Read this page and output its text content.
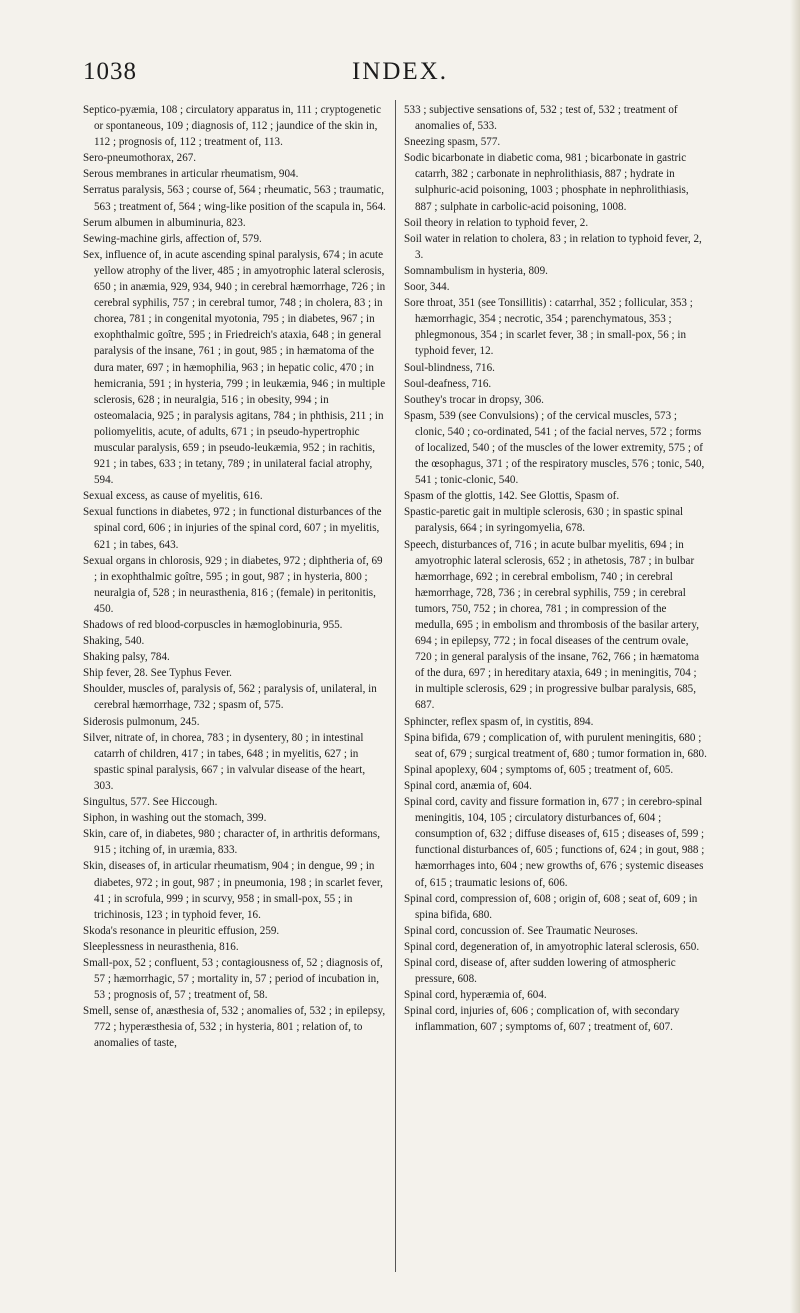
1038	INDEX.

Septico-pyæmia, 108 ; circulatory apparatus in, 111 ; cryptogenetic or spontaneous, 109 ; diagnosis of, 112 ; jaundice of the skin in, 112 ; prognosis of, 112 ; treatment of, 113.

Sero-pneumothorax, 267.

Serous membranes in articular rheumatism, 904.

Serratus paralysis, 563 ; course of, 564 ; rheumatic, 563 ; traumatic, 563 ; treatment of, 564 ; wing-like position of the scapula in, 564.

Serum albumen in albuminuria, 823.

Sewing-machine girls, affection of, 579.

Sex, influence of, in acute ascending spinal paralysis, 674 ; in acute yellow atrophy of the liver, 485 ; in amyotrophic lateral sclerosis, 650 ; in anæmia, 929, 934, 940 ; in cerebral hæmorrhage, 726 ; in cerebral syphilis, 757 ; in cerebral tumor, 748 ; in cholera, 83 ; in chorea, 781 ; in congenital myotonia, 795 ; in diabetes, 967 ; in exophthalmic goître, 595 ; in Friedreich's ataxia, 648 ; in general paralysis of the insane, 761 ; in gout, 985 ; in hæmatoma of the dura mater, 697 ; in hæmophilia, 963 ; in hepatic colic, 470 ; in hemicrania, 591 ; in hysteria, 799 ; in leukæmia, 946 ; in multiple sclerosis, 628 ; in neuralgia, 516 ; in obesity, 994 ; in osteomalacia, 925 ; in paralysis agitans, 784 ; in phthisis, 211 ; in poliomyelitis, acute, of adults, 671 ; in pseudo-hypertrophic muscular paralysis, 659 ; in pseudo-leukæmia, 952 ; in rachitis, 921 ; in tabes, 633 ; in tetany, 789 ; in unilateral facial atrophy, 594.

Sexual excess, as cause of myelitis, 616.

Sexual functions in diabetes, 972 ; in functional disturbances of the spinal cord, 606 ; in injuries of the spinal cord, 607 ; in myelitis, 621 ; in tabes, 643.

Sexual organs in chlorosis, 929 ; in diabetes, 972 ; diphtheria of, 69 ; in exophthalmic goître, 595 ; in gout, 987 ; in hysteria, 800 ; neuralgia of, 528 ; in neurasthenia, 816 ; (female) in peritonitis, 450.

Shadows of red blood-corpuscles in hæmoglobinuria, 955.

Shaking, 540.

Shaking palsy, 784.

Ship fever, 28. See Typhus Fever.

Shoulder, muscles of, paralysis of, 562 ; paralysis of, unilateral, in cerebral hæmorrhage, 732 ; spasm of, 575.

Siderosis pulmonum, 245.

Silver, nitrate of, in chorea, 783 ; in dysentery, 80 ; in intestinal catarrh of children, 417 ; in tabes, 648 ; in myelitis, 627 ; in spastic spinal paralysis, 667 ; in valvular disease of the heart, 303.

Singultus, 577. See Hiccough.

Siphon, in washing out the stomach, 399.

Skin, care of, in diabetes, 980 ; character of, in arthritis deformans, 915 ; itching of, in uræmia, 833.

Skin, diseases of, in articular rheumatism, 904 ; in dengue, 99 ; in diabetes, 972 ; in gout, 987 ; in pneumonia, 198 ; in scarlet fever, 41 ; in scrofula, 999 ; in scurvy, 958 ; in small-pox, 55 ; in trichinosis, 123 ; in typhoid fever, 16.

Skoda's resonance in pleuritic effusion, 259.

Sleeplessness in neurasthenia, 816.

Small-pox, 52 ; confluent, 53 ; contagiousness of, 52 ; diagnosis of, 57 ; hæmorrhagic, 57 ; mortality in, 57 ; period of incubation in, 53 ; prognosis of, 57 ; treatment of, 58.

Smell, sense of, anæsthesia of, 532 ; anomalies of, 532 ; in epilepsy, 772 ; hyperæsthesia of, 532 ; in hysteria, 801 ; relation of, to anomalies of taste,

533 ; subjective sensations of, 532 ; test of, 532 ; treatment of anomalies of, 533.

Sneezing spasm, 577.

Sodic bicarbonate in diabetic coma, 981 ; bicarbonate in gastric catarrh, 382 ; carbonate in nephrolithiasis, 887 ; hydrate in sulphuric-acid poisoning, 1003 ; phosphate in nephrolithiasis, 887 ; sulphate in carbolic-acid poisoning, 1008.

Soil theory in relation to typhoid fever, 2.

Soil water in relation to cholera, 83 ; in relation to typhoid fever, 2, 3.

Somnambulism in hysteria, 809.

Soor, 344.

Sore throat, 351 (see Tonsillitis) : catarrhal, 352 ; follicular, 353 ; hæmorrhagic, 354 ; necrotic, 354 ; parenchymatous, 353 ; phlegmonous, 354 ; in scarlet fever, 38 ; in small-pox, 56 ; in typhoid fever, 12.

Soul-blindness, 716.

Soul-deafness, 716.

Southey's trocar in dropsy, 306.

Spasm, 539 (see Convulsions) ; of the cervical muscles, 573 ; clonic, 540 ; co-ordinated, 541 ; of the facial nerves, 572 ; forms of localized, 540 ; of the muscles of the lower extremity, 575 ; of the œsophagus, 371 ; of the respiratory muscles, 576 ; tonic, 540, 541 ; tonic-clonic, 540.

Spasm of the glottis, 142. See Glottis, Spasm of.

Spastic-paretic gait in multiple sclerosis, 630 ; in spastic spinal paralysis, 664 ; in syringomyelia, 678.

Speech, disturbances of, 716 ; in acute bulbar myelitis, 694 ; in amyotrophic lateral sclerosis, 652 ; in athetosis, 787 ; in bulbar hæmorrhage, 692 ; in cerebral embolism, 740 ; in cerebral hæmorrhage, 728, 736 ; in cerebral syphilis, 759 ; in cerebral tumors, 750, 752 ; in chorea, 781 ; in compression of the medulla, 695 ; in embolism and thrombosis of the basilar artery, 694 ; in epilepsy, 772 ; in focal diseases of the centrum ovale, 720 ; in general paralysis of the insane, 762, 766 ; in hæmatoma of the dura, 697 ; in hereditary ataxia, 649 ; in meningitis, 704 ; in multiple sclerosis, 629 ; in progressive bulbar paralysis, 685, 687.

Sphincter, reflex spasm of, in cystitis, 894.

Spina bifida, 679 ; complication of, with purulent meningitis, 680 ; seat of, 679 ; surgical treatment of, 680 ; tumor formation in, 680.

Spinal apoplexy, 604 ; symptoms of, 605 ; treatment of, 605.

Spinal cord, anæmia of, 604.

Spinal cord, cavity and fissure formation in, 677 ; in cerebro-spinal meningitis, 104, 105 ; circulatory disturbances of, 604 ; consumption of, 632 ; diffuse diseases of, 615 ; diseases of, 599 ; functional disturbances of, 605 ; functions of, 624 ; in gout, 988 ; hæmorrhages into, 604 ; new growths of, 676 ; systemic diseases of, 615 ; traumatic lesions of, 606.

Spinal cord, compression of, 608 ; origin of, 608 ; seat of, 609 ; in spina bifida, 680.

Spinal cord, concussion of. See Traumatic Neuroses.

Spinal cord, degeneration of, in amyotrophic lateral sclerosis, 650.

Spinal cord, disease of, after sudden lowering of atmospheric pressure, 608.

Spinal cord, hyperæmia of, 604.

Spinal cord, injuries of, 606 ; complication of, with secondary inflammation, 607 ; symptoms of, 607 ; treatment of, 607.
